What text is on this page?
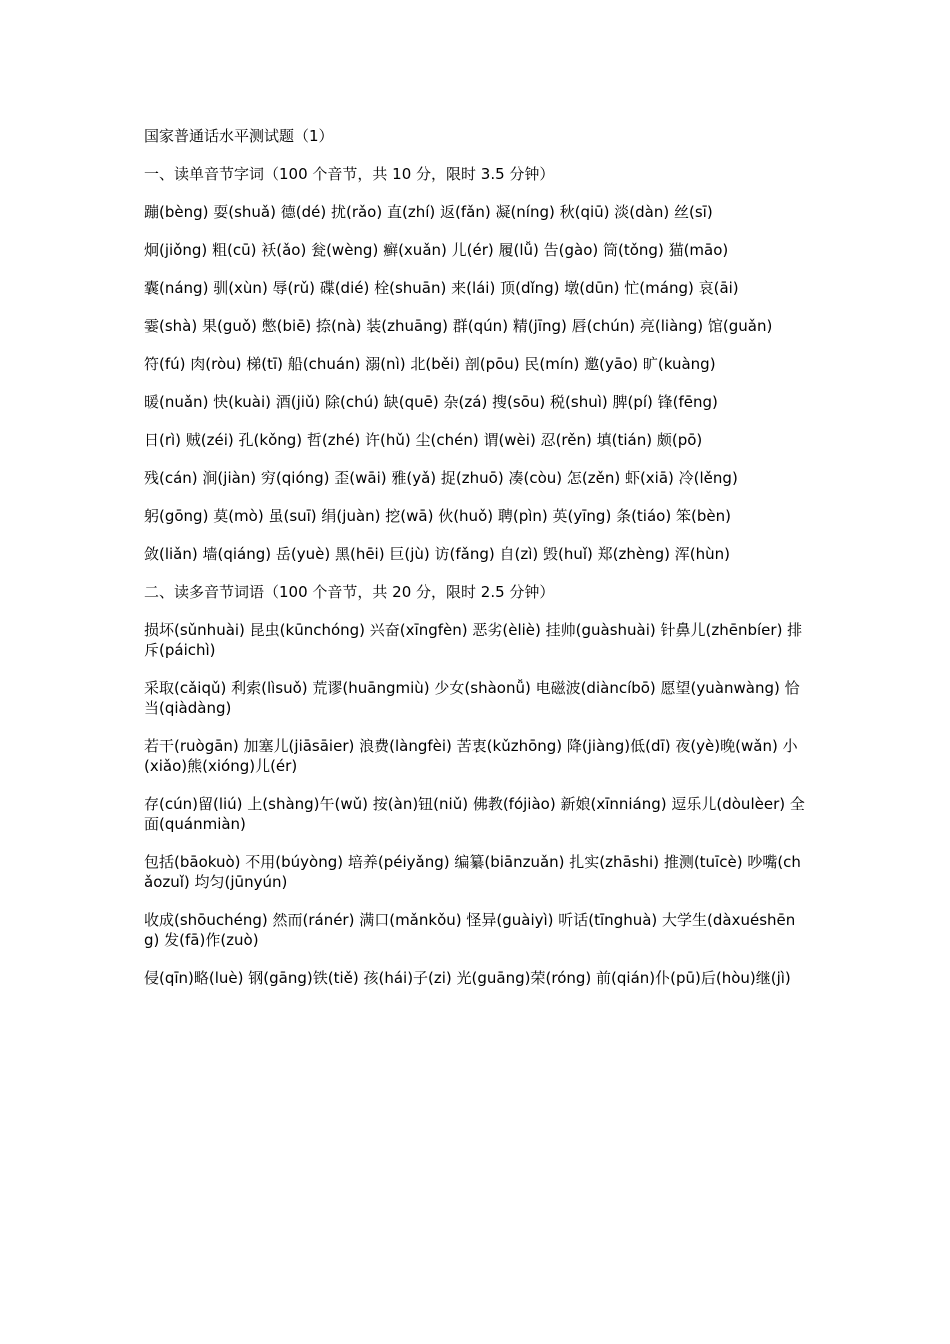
国家普通话水平测试题（1）

一、读单音节字词（100 个音节，共 10 分，限时 3.5 分钟）

蹦(bèng) 耍(shuǎ) 德(dé) 扰(rǎo) 直(zhí) 返(fǎn) 凝(níng) 秋(qiū) 淡(dàn) 丝(sī)

炯(jiǒng) 粗(cū) 袄(ǎo) 瓮(wèng) 癣(xuǎn) 儿(ér) 履(lǚ) 告(gào) 筒(tǒng) 猫(māo)

囊(náng) 驯(xùn) 辱(rǔ) 碟(dié) 栓(shuān) 来(lái) 顶(dǐng) 墩(dūn) 忙(máng) 哀(āi)

霎(shà) 果(guǒ) 憋(biē) 捺(nà) 装(zhuāng) 群(qún) 精(jīng) 唇(chún) 亮(liàng) 馆(guǎn)

符(fú) 肉(ròu) 梯(tī) 船(chuán) 溺(nì) 北(běi) 剖(pōu) 民(mín) 邀(yāo) 旷(kuàng)

暖(nuǎn) 快(kuài) 酒(jiǔ) 除(chú) 缺(quē) 杂(zá) 搜(sōu) 税(shuì) 脾(pí) 锋(fēng)

日(rì) 贼(zéi) 孔(kǒng) 哲(zhé) 许(hǔ) 尘(chén) 谓(wèi) 忍(rěn) 填(tián) 颇(pō)

残(cán) 涧(jiàn) 穷(qióng) 歪(wāi) 雅(yǎ) 捉(zhuō) 凑(còu) 怎(zěn) 虾(xiā) 冷(lěng)

躬(gōng) 莫(mò) 虽(suī) 绢(juàn) 挖(wā) 伙(huǒ) 聘(pìn) 英(yīng) 条(tiáo) 笨(bèn)

敛(liǎn) 墙(qiáng) 岳(yuè) 黑(hēi) 巨(jù) 访(fǎng) 自(zì) 毁(huǐ) 郑(zhèng) 浑(hùn)

二、读多音节词语（100 个音节，共 20 分，限时 2.5 分钟）

损坏(sǔnhuài) 昆虫(kūnchóng) 兴奋(xīngfèn) 恶劣(èliè) 挂帅(guàshuài) 针鼻儿(zhēnbíer) 排斥(páichì)

采取(cǎiqǔ) 利索(lìsuǒ) 荒谬(huāngmiù) 少女(shàonǚ) 电磁波(diàncíbō) 愿望(yuànwàng) 恰当(qiàdàng)

若干(ruògān) 加塞儿(jiāsāier) 浪费(làngfèi) 苦衷(kǔzhōng) 降(jiàng)低(dī) 夜(yè)晚(wǎn) 小(xiǎo)熊(xióng)儿(ér)

存(cún)留(liú) 上(shàng)午(wǔ) 按(àn)钮(niǔ) 佛教(fójiào) 新娘(xīnniáng) 逗乐儿(dòulèer) 全面(quánmiàn)

包括(bāokuò) 不用(búyòng) 培养(péiyǎng) 编纂(biānzuǎn) 扎实(zhāshi) 推测(tuīcè) 吵嘴(chǎozuǐ) 均匀(jūnyún)

收成(shōuchéng) 然而(ránér) 满口(mǎnkǒu) 怪异(guàiyì) 听话(tīnghuà) 大学生(dàxuéshēng) 发(fā)作(zuò)

侵(qīn)略(luè) 钢(gāng)铁(tiě) 孩(hái)子(zi) 光(guāng)荣(róng) 前(qián)仆(pū)后(hòu)继(jì)
